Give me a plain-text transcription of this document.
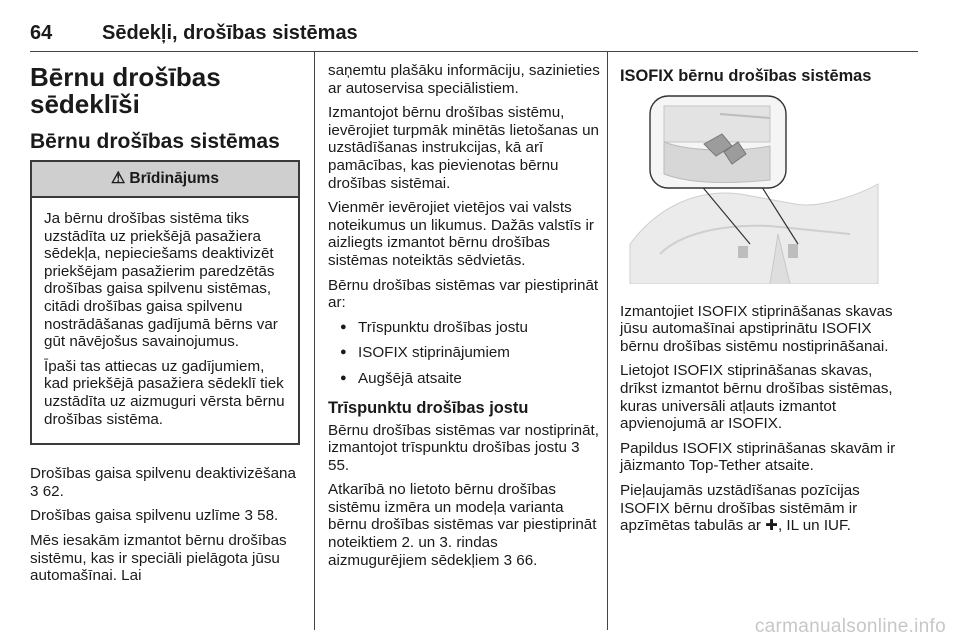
64 Sēdekļi, drošības sistēmas
Bērnu drošības sēdeklīši
Bērnu drošības sistēmas
⚠ Brīdinājums

Ja bērnu drošības sistēma tiks uzstādīta uz priekšējā pasažiera sēdekļa, nepieciešams deaktivizēt priekšējam pasažierim paredzētās drošības gaisa spilvenu sistēmas, citādi drošības gaisa spilvenu nostrādāšanas gadījumā bērns var gūt nāvējošus savainojumus.

Īpaši tas attiecas uz gadījumiem, kad priekšējā pasažiera sēdeklī tiek uzstādīta uz aizmuguri vērsta bērnu drošības sistēma.

Drošības gaisa spilvenu deaktivizēšana 3 62.

Drošības gaisa spilvenu uzlīme 3 58.

Mēs iesakām izmantot bērnu drošības sistēmu, kas ir speciāli pielāgota jūsu automašīnai. Lai

saņemtu plašāku informāciju, sazinieties ar autoservisa speciālistiem.

Izmantojot bērnu drošības sistēmu, ievērojiet turpmāk minētās lietošanas un uzstādīšanas instrukcijas, kā arī pamācības, kas pievienotas bērnu drošības sistēmai.

Vienmēr ievērojiet vietējos vai valsts noteikumus un likumus. Dažās valstīs ir aizliegts izmantot bērnu drošības sistēmas noteiktās sēdvietās.

Bērnu drošības sistēmas var piestiprināt ar:

● Trīspunktu drošības jostu
● ISOFIX stiprinājumiem
● Augšējā atsaite
Trīspunktu drošības jostu

Bērnu drošības sistēmas var nostiprināt, izmantojot trīspunktu drošības jostu 3 55.

Atkarībā no lietoto bērnu drošības sistēmu izmēra un modeļa varianta bērnu drošības sistēmas var piestiprināt noteiktiem 2. un 3. rindas aizmugurējiem sēdekļiem 3 66.

ISOFIX bērnu drošības sistēmas

Izmantojiet ISOFIX stiprināšanas skavas jūsu automašīnai apstiprinātu ISOFIX bērnu drošības sistēmu nostiprināšanai.

Lietojot ISOFIX stiprināšanas skavas, drīkst izmantot bērnu drošības sistēmas, kuras universāli atļauts izmantot apvienojumā ar ISOFIX.

Papildus ISOFIX stiprināšanas skavām ir jāizmanto Top-Tether atsaite.

Pieļaujamās uzstādīšanas pozīcijas ISOFIX bērnu drošības sistēmām ir apzīmētas tabulās ar ✚, IL un IUF.

carmanualsonline.info
